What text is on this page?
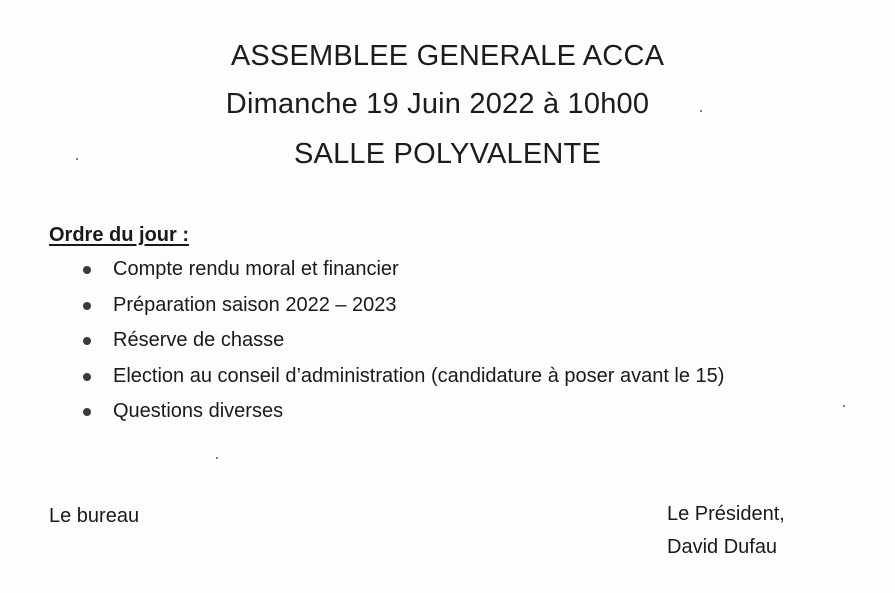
ASSEMBLEE GENERALE ACCA
Dimanche 19 Juin 2022 à 10h00
SALLE POLYVALENTE
Ordre du jour :
Compte rendu moral et financier
Préparation saison 2022 – 2023
Réserve de chasse
Election au conseil d’administration (candidature à poser avant le 15)
Questions diverses
Le bureau	Le Président,
David Dufau
